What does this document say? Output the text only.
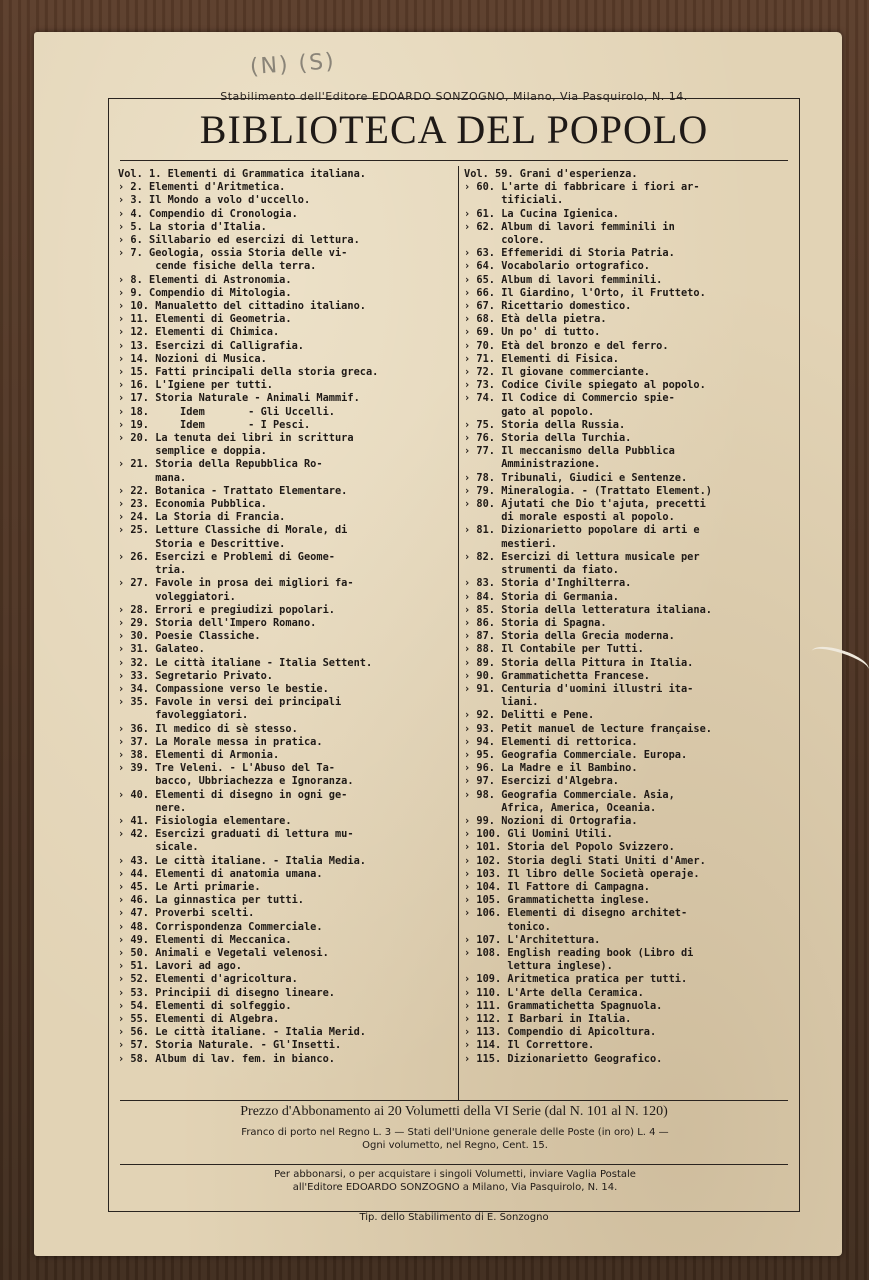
(N) (S)
Stabilimento dell'Editore EDOARDO SONZOGNO, Milano, Via Pasquirolo, N. 14.
BIBLIOTECA DEL POPOLO
Vol. 1. Elementi di Grammatica italiana.
› 2. Elementi d'Aritmetica.
› 3. Il Mondo a volo d'uccello.
› 4. Compendio di Cronologia.
› 5. La storia d'Italia.
› 6. Sillabario ed esercizi di lettura.
› 7. Geologia, ossia Storia delle vi-
cende fisiche della terra.
› 8. Elementi di Astronomia.
› 9. Compendio di Mitologia.
› 10. Manualetto del cittadino italiano.
› 11. Elementi di Geometria.
› 12. Elementi di Chimica.
› 13. Esercizi di Calligrafia.
› 14. Nozioni di Musica.
› 15. Fatti principali della storia greca.
› 16. L'Igiene per tutti.
› 17. Storia Naturale - Animali Mammif.
› 18.     Idem       - Gli Uccelli.
› 19.     Idem       - I Pesci.
› 20. La tenuta dei libri in scrittura
semplice e doppia.
› 21. Storia della Repubblica Ro-
mana.
› 22. Botanica - Trattato Elementare.
› 23. Economia Pubblica.
› 24. La Storia di Francia.
› 25. Letture Classiche di Morale, di
Storia e Descrittive.
› 26. Esercizi e Problemi di Geome-
tria.
› 27. Favole in prosa dei migliori fa-
voleggiatori.
› 28. Errori e pregiudizi popolari.
› 29. Storia dell'Impero Romano.
› 30. Poesie Classiche.
› 31. Galateo.
› 32. Le città italiane - Italia Settent.
› 33. Segretario Privato.
› 34. Compassione verso le bestie.
› 35. Favole in versi dei principali
favoleggiatori.
› 36. Il medico di sè stesso.
› 37. La Morale messa in pratica.
› 38. Elementi di Armonia.
› 39. Tre Veleni. - L'Abuso del Ta-
bacco, Ubbriachezza e Ignoranza.
› 40. Elementi di disegno in ogni ge-
nere.
› 41. Fisiologia elementare.
› 42. Esercizi graduati di lettura mu-
sicale.
› 43. Le città italiane. - Italia Media.
› 44. Elementi di anatomia umana.
› 45. Le Arti primarie.
› 46. La ginnastica per tutti.
› 47. Proverbi scelti.
› 48. Corrispondenza Commerciale.
› 49. Elementi di Meccanica.
› 50. Animali e Vegetali velenosi.
› 51. Lavori ad ago.
› 52. Elementi d'agricoltura.
› 53. Principii di disegno lineare.
› 54. Elementi di solfeggio.
› 55. Elementi di Algebra.
› 56. Le città italiane. - Italia Merid.
› 57. Storia Naturale. - Gl'Insetti.
› 58. Album di lav. fem. in bianco.
Vol. 59. Grani d'esperienza.
› 60. L'arte di fabbricare i fiori ar-
tificiali.
› 61. La Cucina Igienica.
› 62. Album di lavori femminili in
colore.
› 63. Effemeridi di Storia Patria.
› 64. Vocabolario ortografico.
› 65. Album di lavori femminili.
› 66. Il Giardino, l'Orto, il Frutteto.
› 67. Ricettario domestico.
› 68. Età della pietra.
› 69. Un po' di tutto.
› 70. Età del bronzo e del ferro.
› 71. Elementi di Fisica.
› 72. Il giovane commerciante.
› 73. Codice Civile spiegato al popolo.
› 74. Il Codice di Commercio spie-
gato al popolo.
› 75. Storia della Russia.
› 76. Storia della Turchia.
› 77. Il meccanismo della Pubblica
Amministrazione.
› 78. Tribunali, Giudici e Sentenze.
› 79. Mineralogia. - (Trattato Element.)
› 80. Ajutati che Dio t'ajuta, precetti
di morale esposti al popolo.
› 81. Dizionarietto popolare di arti e
mestieri.
› 82. Esercizi di lettura musicale per
strumenti da fiato.
› 83. Storia d'Inghilterra.
› 84. Storia di Germania.
› 85. Storia della letteratura italiana.
› 86. Storia di Spagna.
› 87. Storia della Grecia moderna.
› 88. Il Contabile per Tutti.
› 89. Storia della Pittura in Italia.
› 90. Grammatichetta Francese.
› 91. Centuria d'uomini illustri ita-
liani.
› 92. Delitti e Pene.
› 93. Petit manuel de lecture française.
› 94. Elementi di rettorica.
› 95. Geografia Commerciale. Europa.
› 96. La Madre e il Bambino.
› 97. Esercizi d'Algebra.
› 98. Geografia Commerciale. Asia,
Africa, America, Oceania.
› 99. Nozioni di Ortografia.
› 100. Gli Uomini Utili.
› 101. Storia del Popolo Svizzero.
› 102. Storia degli Stati Uniti d'Amer.
› 103. Il libro delle Società operaje.
› 104. Il Fattore di Campagna.
› 105. Grammatichetta inglese.
› 106. Elementi di disegno architet-
tonico.
› 107. L'Architettura.
› 108. English reading book (Libro di
lettura inglese).
› 109. Aritmetica pratica per tutti.
› 110. L'Arte della Ceramica.
› 111. Grammatichetta Spagnuola.
› 112. I Barbari in Italia.
› 113. Compendio di Apicoltura.
› 114. Il Correttore.
› 115. Dizionarietto Geografico.
Prezzo d'Abbonamento ai 20 Volumetti della VI Serie (dal N. 101 al N. 120)
Franco di porto nel Regno L. 3 — Stati dell'Unione generale delle Poste (in oro) L. 4 —
Ogni volumetto, nel Regno, Cent. 15.
Per abbonarsi, o per acquistare i singoli Volumetti, inviare Vaglia Postale
all'Editore EDOARDO SONZOGNO a Milano, Via Pasquirolo, N. 14.
Tip. dello Stabilimento di E. Sonzogno
